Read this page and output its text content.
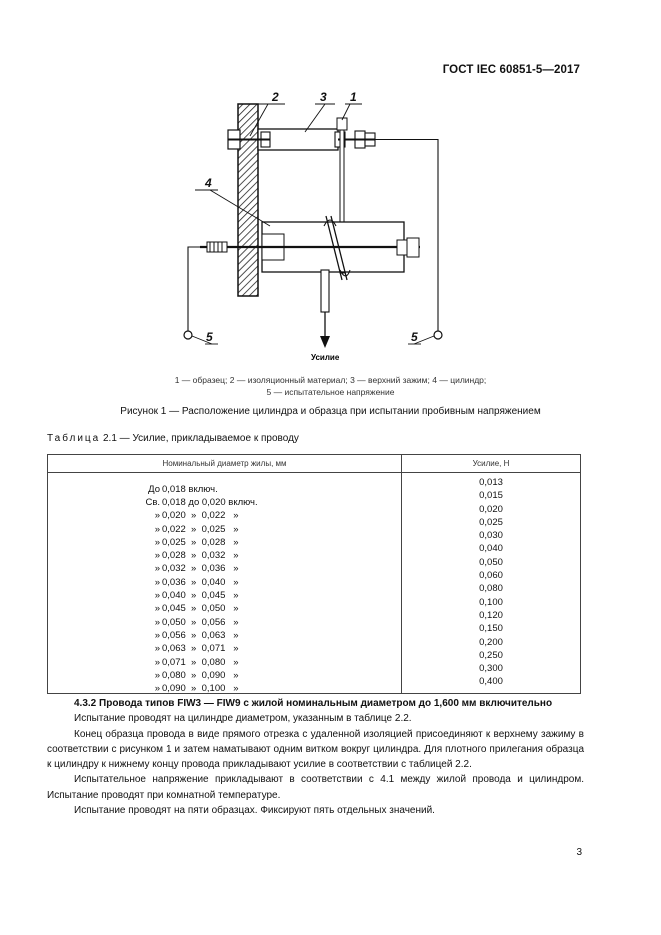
ГОСТ IEC 60851-5—2017
Усилие
1
2	3
4
5	5
1 — образец; 2 — изоляционный материал; 3 — верхний зажим; 4 — цилиндр;
5 — испытательное напряжение
Рисунок 1 — Расположение цилиндра и образца при испытании пробивным напряжением
Таблица 2.1 — Усилие, прикладываемое к проводу
Номинальный диаметр жилы, мм	Усилие, Н

До 0,018 включ.	0,013

Св. 0,018 до 0,020 включ.	0,015

» 0,020  »  0,022   »	0,020

» 0,022  »  0,025   »	0,025

» 0,025  »  0,028   »	0,030

» 0,028  »  0,032   »	0,040

» 0,032  »  0,036   »	0,050

» 0,036  »  0,040   »	0,060

» 0,040  »  0,045   »	0,080

» 0,045  »  0,050   »	0,100

» 0,050  »  0,056   »	0,120

» 0,056  »  0,063   »	0,150

» 0,063  »  0,071   »	0,200

» 0,071  »  0,080   »	0,250

» 0,080  »  0,090   »	0,300

» 0,090  »  0,100   »	0,400

4.3.2 Провода типов FIW3 — FIW9 с жилой номинальным диаметром до 1,600 мм включительно

Испытание проводят на цилиндре диаметром, указанным в таблице 2.2.

Конец образца провода в виде прямого отрезка с удаленной изоляцией присоединяют к верхнему зажиму в соответствии с рисунком 1 и затем наматывают одним витком вокруг цилиндра. Для плотного прилегания образца к цилиндру к нижнему концу провода прикладывают усилие в соответствии с таблицей 2.2.

Испытательное напряжение прикладывают в соответствии с 4.1 между жилой провода и цилиндром. Испытание проводят при комнатной температуре.

Испытание проводят на пяти образцах. Фиксируют пять отдельных значений.

3
